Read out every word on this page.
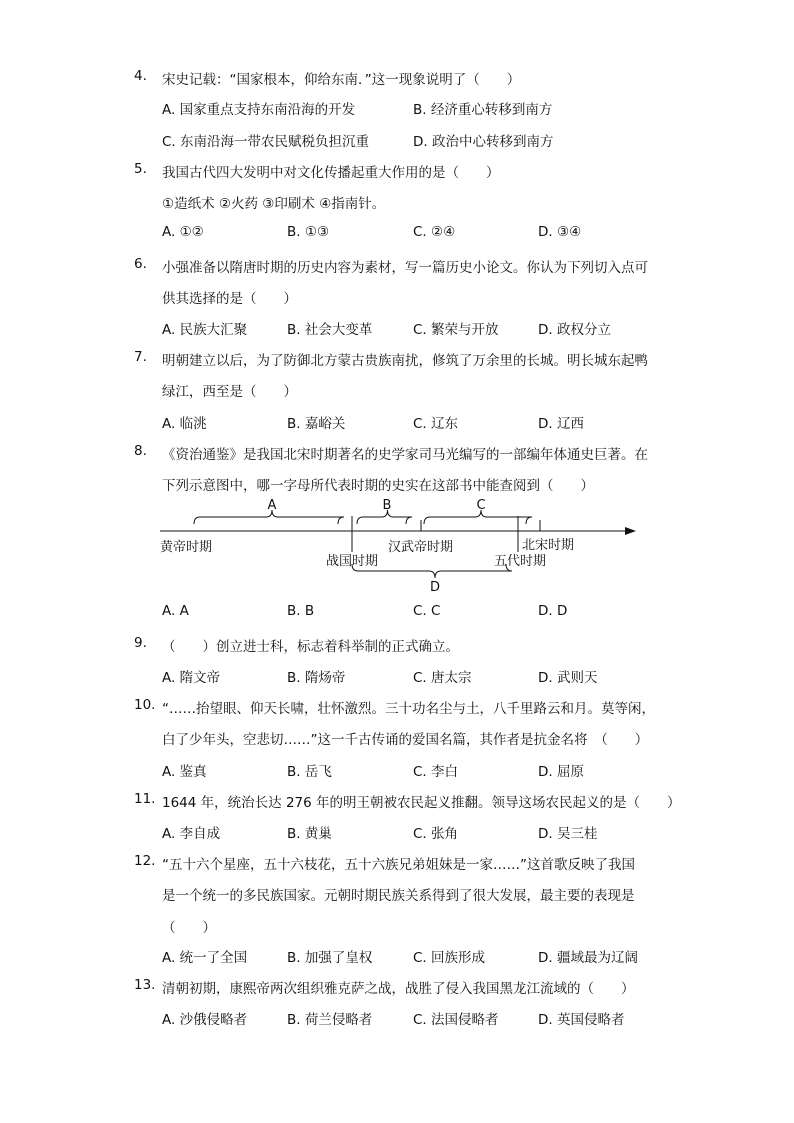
4.	宋史记载：“国家根本，仰给东南．”这一现象说明了（　　）
A. 国家重点支持东南沿海的开发	B. 经济重心转移到南方
C. 东南沿海一带农民赋税负担沉重	D. 政治中心转移到南方
5.	我国古代四大发明中对文化传播起重大作用的是（　　）
①造纸术 ②火药 ③印刷术 ④指南针。
A. ①②	B. ①③	C. ②④	D. ③④
6.	小强准备以隋唐时期的历史内容为素材，写一篇历史小论文。你认为下列切入点可
供其选择的是（　　）
A. 民族大汇聚	B. 社会大变革	C. 繁荣与开放	D. 政权分立
7.	明朝建立以后，为了防御北方蒙古贵族南扰，修筑了万余里的长城。明长城东起鸭
绿江，西至是（　　）
A. 临洮	B. 嘉峪关	C. 辽东	D. 辽西
8.	《资治通鉴》是我国北宋时期著名的史学家司马光编写的一部编年体通史巨著。在
下列示意图中，哪一字母所代表时期的史实在这部书中能查阅到（　　）
A. A	B. B	C. C	D. D
A	B	C
D
黄帝时期
战国时期
汉武帝时期
五代时期
北宋时期
9.	（　　）创立进士科，标志着科举制的正式确立。
A. 隋文帝	B. 隋炀帝	C. 唐太宗	D. 武则天
10. “……抬望眼、仰天长啸，壮怀激烈。三十功名尘与土，八千里路云和月。莫等闲，
白了少年头，空悲切……”这一千古传诵的爱国名篇，其作者是抗金名将　（　　）
A. 鉴真	B. 岳飞	C. 李白	D. 屈原
11. 1644 年，统治长达 276 年的明王朝被农民起义推翻。领导这场农民起义的是（　　）
A. 李自成	B. 黄巢	C. 张角	D. 吴三桂
12. “五十六个星座，五十六枝花，五十六族兄弟姐妹是一家……”这首歌反映了我国
是一个统一的多民族国家。元朝时期民族关系得到了很大发展，最主要的表现是
（　　）
A. 统一了全国	B. 加强了皇权	C. 回族形成	D. 疆域最为辽阔
13. 清朝初期，康熙帝两次组织雅克萨之战，战胜了侵入我国黑龙江流域的（　　）
A. 沙俄侵略者	B. 荷兰侵略者	C. 法国侵略者	D. 英国侵略者
